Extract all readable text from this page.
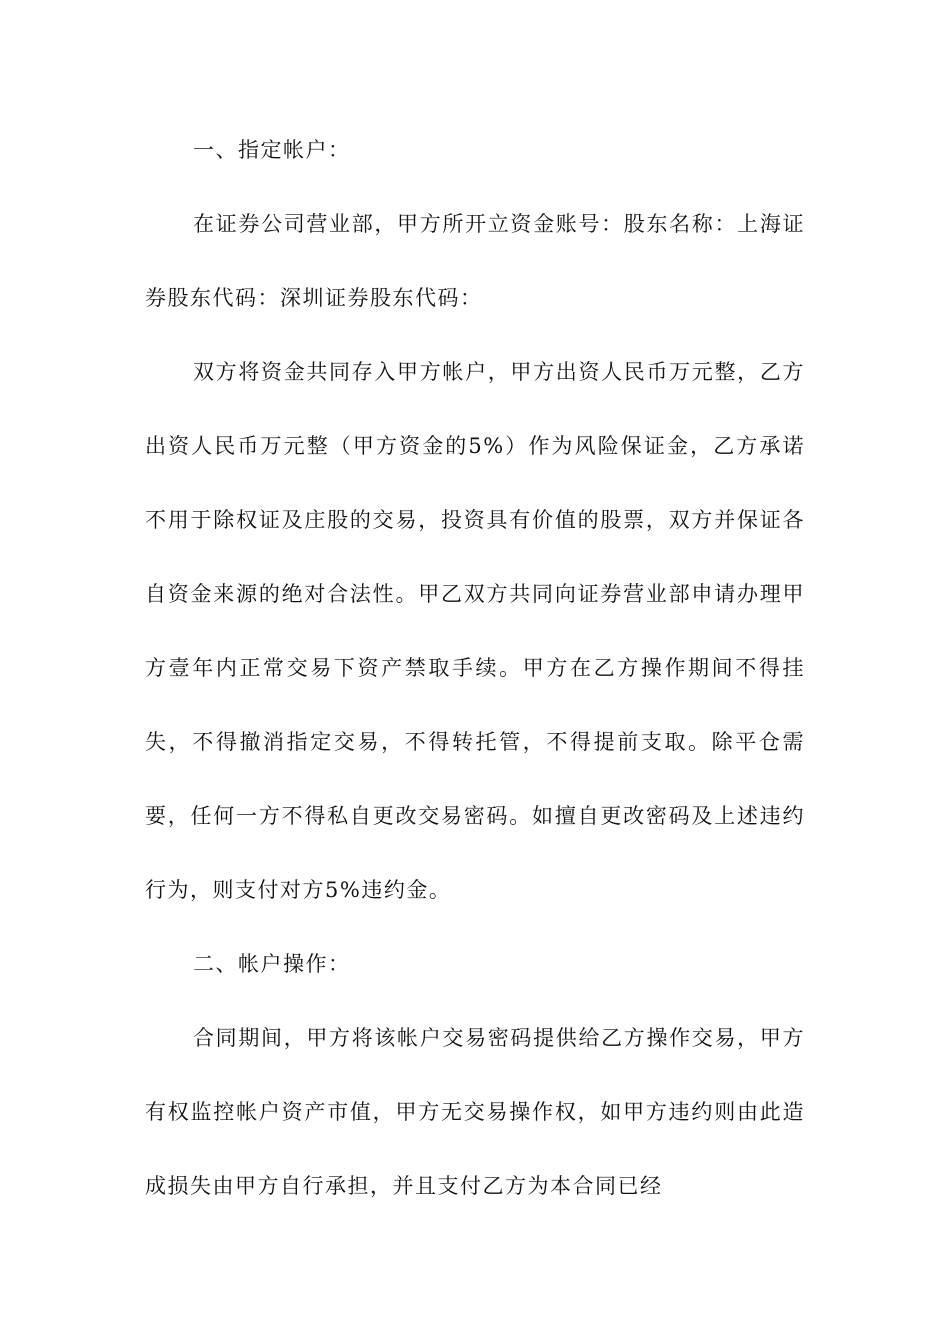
一、指定帐户：

在证券公司营业部，甲方所开立资金账号：股东名称：上海证券股东代码：深圳证券股东代码：

双方将资金共同存入甲方帐户，甲方出资人民币万元整，乙方出资人民币万元整（甲方资金的5%）作为风险保证金，乙方承诺不用于除权证及庄股的交易，投资具有价值的股票，双方并保证各自资金来源的绝对合法性。甲乙双方共同向证券营业部申请办理甲方壹年内正常交易下资产禁取手续。甲方在乙方操作期间不得挂失，不得撤消指定交易，不得转托管，不得提前支取。除平仓需要，任何一方不得私自更改交易密码。如擅自更改密码及上述违约行为，则支付对方5%违约金。

二、帐户操作：

合同期间，甲方将该帐户交易密码提供给乙方操作交易，甲方有权监控帐户资产市值，甲方无交易操作权，如甲方违约则由此造成损失由甲方自行承担，并且支付乙方为本合同已经
